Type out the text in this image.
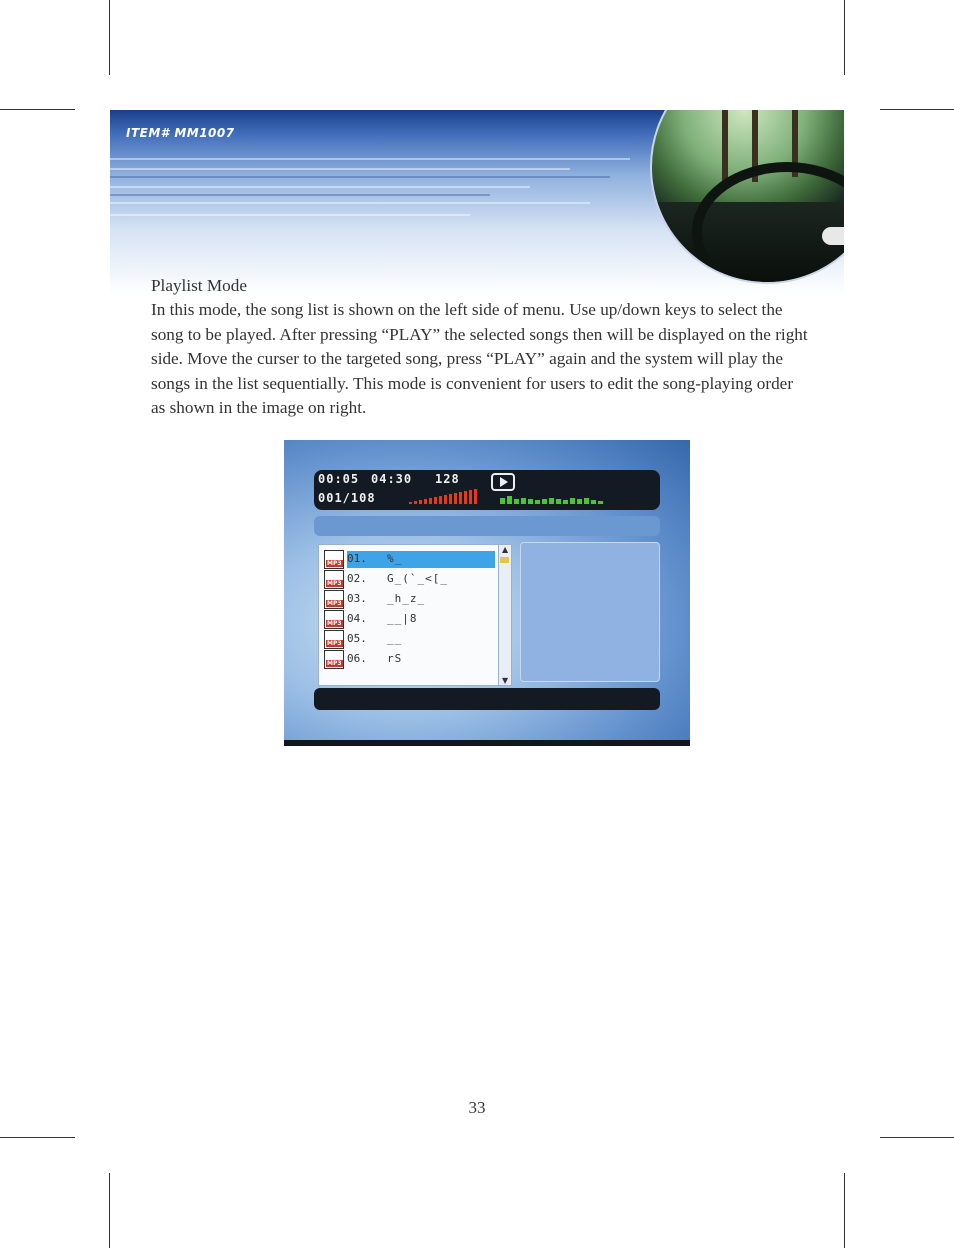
ITEM# MM1007

Playlist Mode

In this mode, the song list is shown on the left side of menu. Use up/down keys to select the song to be played. After pressing “PLAY” the selected songs then will be displayed on the right side. Move the curser to the targeted song, press “PLAY” again and the system will play the songs in the list sequentially. This mode is convenient for users to edit the song-playing order as shown in the image on right.

00:05 04:30 128
001/108
MP3 01. %_
MP3 02. G_(`_<[_
MP3 03. _h_z_
MP3 04. __|8
MP3 05. __
MP3 06. rS
▲
▼
33
